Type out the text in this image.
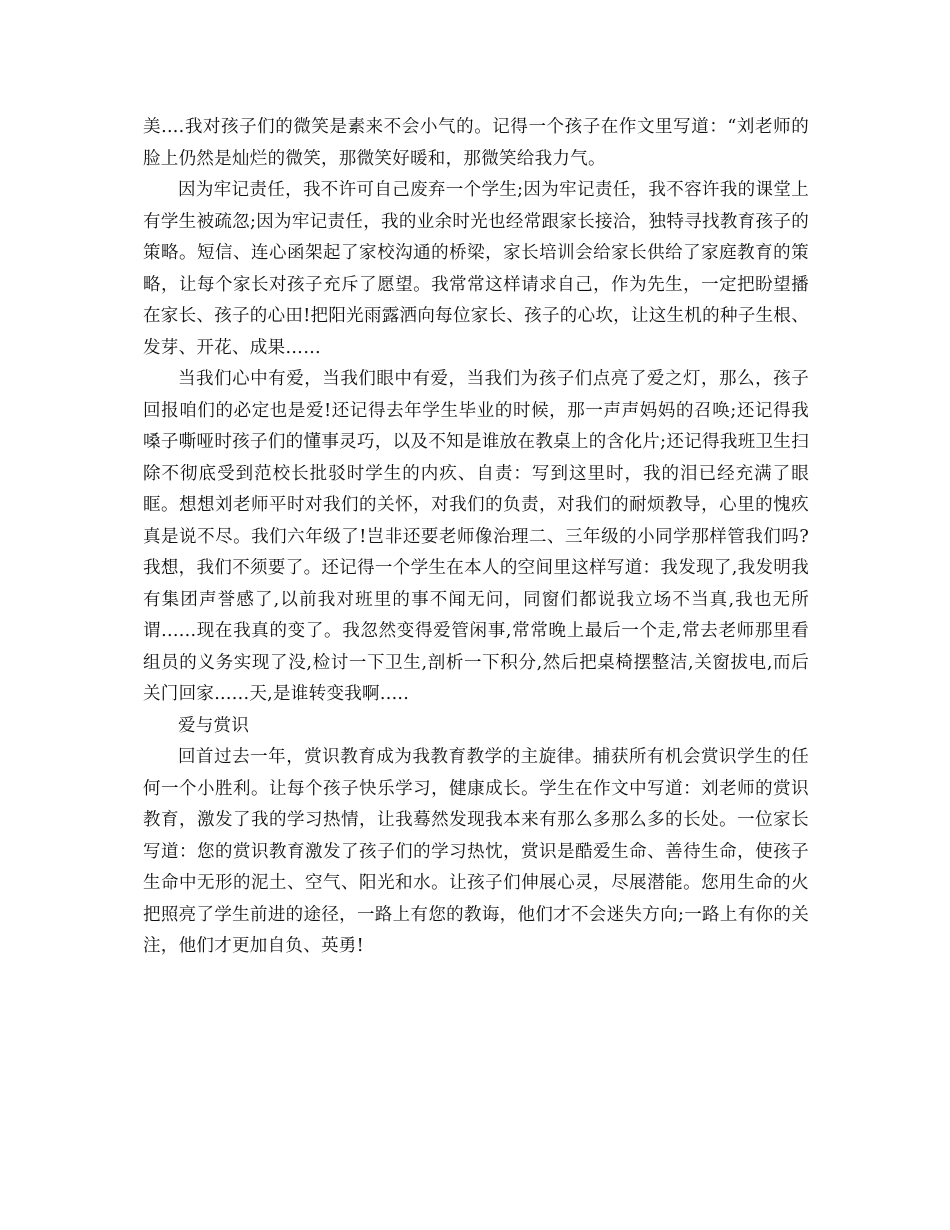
美....我对孩子们的微笑是素来不会小气的。记得一个孩子在作文里写道：“刘老师的脸上仍然是灿烂的微笑，那微笑好暖和，那微笑给我力气。

因为牢记责任，我不许可自己废弃一个学生;因为牢记责任，我不容许我的课堂上有学生被疏忽;因为牢记责任，我的业余时光也经常跟家长接洽，独特寻找教育孩子的策略。短信、连心函架起了家校沟通的桥梁，家长培训会给家长供给了家庭教育的策略，让每个家长对孩子充斥了愿望。我常常这样请求自己，作为先生，一定把盼望播在家长、孩子的心田!把阳光雨露洒向每位家长、孩子的心坎，让这生机的种子生根、发芽、开花、成果……

当我们心中有爱，当我们眼中有爱，当我们为孩子们点亮了爱之灯，那么，孩子回报咱们的必定也是爱!还记得去年学生毕业的时候，那一声声妈妈的召唤;还记得我嗓子嘶哑时孩子们的懂事灵巧，以及不知是谁放在教桌上的含化片;还记得我班卫生扫除不彻底受到范校长批驳时学生的内疚、自责：写到这里时，我的泪已经充满了眼眶。想想刘老师平时对我们的关怀，对我们的负责，对我们的耐烦教导，心里的愧疚真是说不尽。我们六年级了!岂非还要老师像治理二、三年级的小同学那样管我们吗?我想，我们不须要了。还记得一个学生在本人的空间里这样写道：我发现了,我发明我有集团声誉感了,以前我对班里的事不闻无问，同窗们都说我立场不当真,我也无所谓......现在我真的变了。我忽然变得爱管闲事,常常晚上最后一个走,常去老师那里看组员的义务实现了没,检讨一下卫生,剖析一下积分,然后把桌椅摆整洁,关窗拔电,而后关门回家......天,是谁转变我啊.....

爱与赏识

回首过去一年，赏识教育成为我教育教学的主旋律。捕获所有机会赏识学生的任何一个小胜利。让每个孩子快乐学习，健康成长。学生在作文中写道：刘老师的赏识教育，激发了我的学习热情，让我蓦然发现我本来有那么多那么多的长处。一位家长写道：您的赏识教育激发了孩子们的学习热忱，赏识是酷爱生命、善待生命，使孩子生命中无形的泥土、空气、阳光和水。让孩子们伸展心灵，尽展潜能。您用生命的火把照亮了学生前进的途径，一路上有您的教诲，他们才不会迷失方向;一路上有你的关注，他们才更加自负、英勇!
